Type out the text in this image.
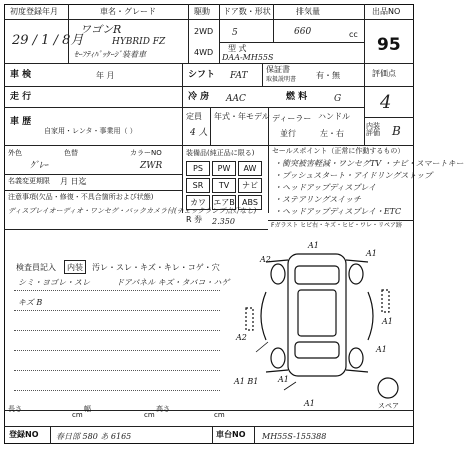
初度登録年月
29 / 1 / 8月
車名・グレード
ワゴンR
HYBRID FZ
ｾｰﾌﾃｨﾊﾟｯｹｰｼﾞ装着車
駆動
2WD
4WD
ドア数・形状
5
型 式
DAA-MH55S
排気量
660	cc
出品NO
95
車 検	年 月	シフト FAT
保証書
取扱説明書 有・無	評価点
4
走 行	冷 房 AAC	燃 料	G
車 歴
自家用・レンタ・事業用（ ）
定員
4 人
年式・年モデル ディーラー
並行
ハンドル
左・右
内装評価	B
外色
ｸﾞﾚｰ
色替	カラーNO
ZWR
名義変更期限 月 日迄
装備品(純正品に限る)
PS	PW	AW
SR	TV	ナビ
カワ エアB ABS
R 券 2.350
セールスポイント（正常に作動するもの）
・衝突被害軽減・ワンセグTV ・ナビ・スマートキー
・プッシュスタート・アイドリングストップ
・ヘッドアップディスプレイ
・ステアリングスイッチ
・ヘッドアップディスプレイ・ETC
Fガラスト ヒビ右・キズ・ヒビ・ワレ・リペア跡
注意事項(欠品・修復・不具合箇所および状態)
ディスプレイオーディオ・ワンセグ・バックカメラ付(チェックランプ点灯なし)
検査員記入	内装	汚レ・スレ・キズ・キレ・コゲ・穴
シミ・ヨゴレ・スレ	ドアパネル キズ・タバコ・ハゲ
キズ B
A1
A2
A1
A2
A1
A1
A1
A1 B1
A1	スペア
長さ
cm
幅
cm
高さ
cm
登録NO 春日部 580 あ 6165	車台NO MH55S-155388
